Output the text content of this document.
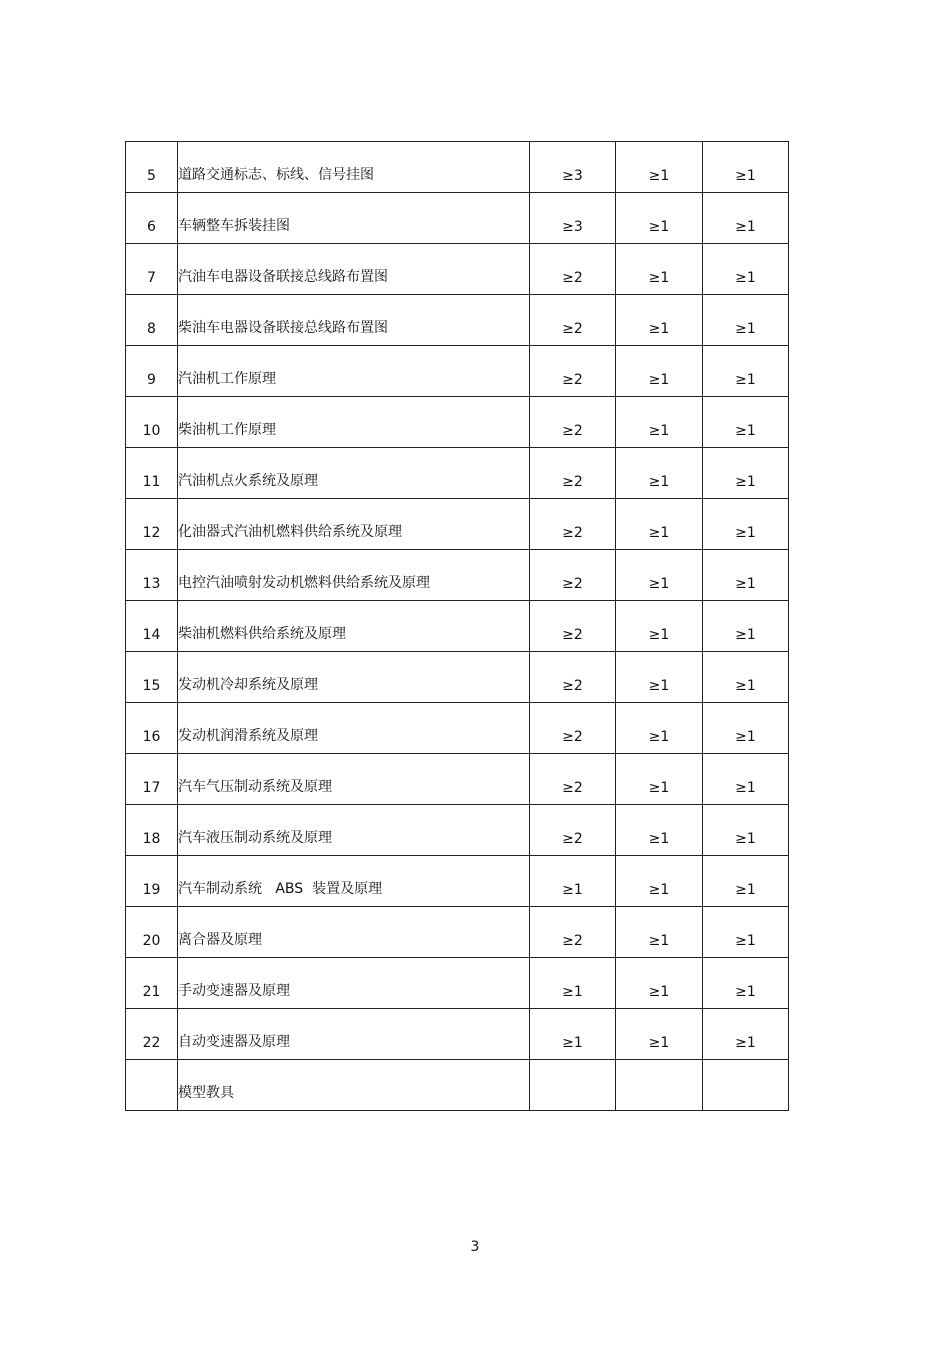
5	道路交通标志、标线、信号挂图	≥3	≥1	≥1
6	车辆整车拆装挂图	≥3	≥1	≥1
7	汽油车电器设备联接总线路布置图	≥2	≥1	≥1
8	柴油车电器设备联接总线路布置图	≥2	≥1	≥1
9	汽油机工作原理	≥2	≥1	≥1
10	柴油机工作原理	≥2	≥1	≥1
11	汽油机点火系统及原理	≥2	≥1	≥1
12	化油器式汽油机燃料供给系统及原理	≥2	≥1	≥1
13	电控汽油喷射发动机燃料供给系统及原理	≥2	≥1	≥1
14	柴油机燃料供给系统及原理	≥2	≥1	≥1
15	发动机冷却系统及原理	≥2	≥1	≥1
16	发动机润滑系统及原理	≥2	≥1	≥1
17	汽车气压制动系统及原理	≥2	≥1	≥1
18	汽车液压制动系统及原理	≥2	≥1	≥1
19	汽车制动系统   ABS  装置及原理	≥1	≥1	≥1
20	离合器及原理	≥2	≥1	≥1
21	手动变速器及原理	≥1	≥1	≥1
22	自动变速器及原理	≥1	≥1	≥1
	模型教具			
3
